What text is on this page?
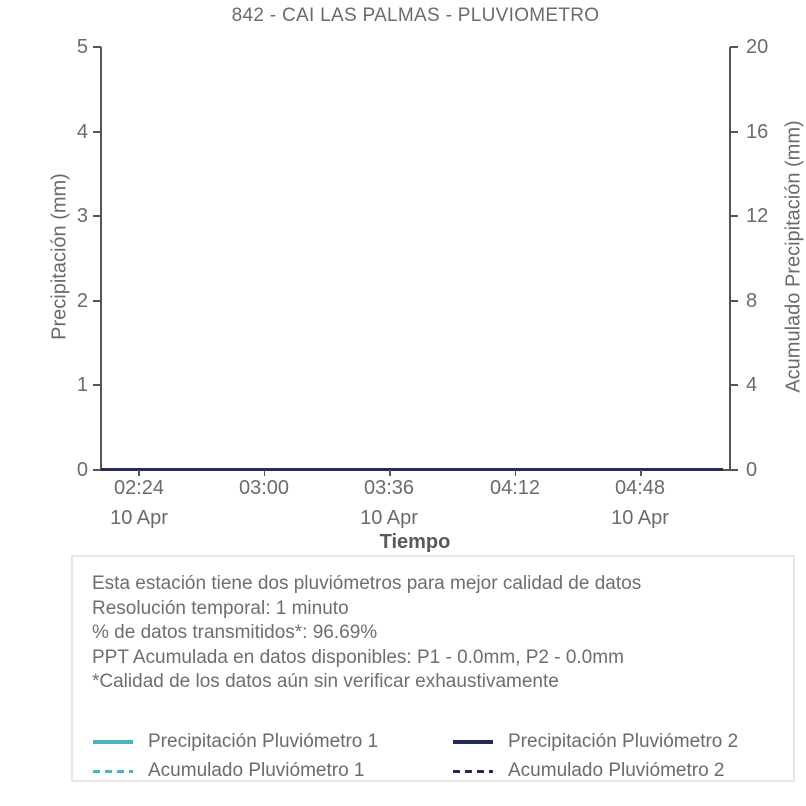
842 - CAI LAS PALMAS - PLUVIOMETRO
Precipitación (mm)	Acumulado Precipitación (mm)
5
4
3
2
1
0
20
16
12
8
4
0
02:24	03:00	03:36	04:12	04:48
10 Apr	10 Apr	10 Apr
Tiempo
Esta estación tiene dos pluviómetros para mejor calidad de datos
Resolución temporal: 1 minuto
% de datos transmitidos*: 96.69%
PPT Acumulada en datos disponibles: P1 - 0.0mm, P2 - 0.0mm
*Calidad de los datos aún sin verificar exhaustivamente
Precipitación Pluviómetro 1	Precipitación Pluviómetro 2
Acumulado Pluviómetro 1	Acumulado Pluviómetro 2
